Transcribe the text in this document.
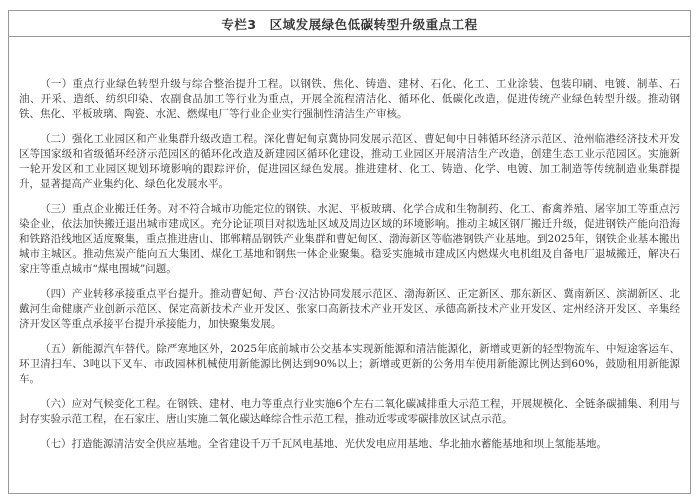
专栏3　区域发展绿色低碳转型升级重点工程

（一）重点行业绿色转型升级与综合整治提升工程。以钢铁、焦化、铸造、建材、石化、化工、工业涂装、包装印刷、电镀、制革、石油、开采、造纸、纺织印染、农副食品加工等行业为重点，开展全流程清洁化、循环化、低碳化改造，促进传统产业绿色转型升级。推动钢铁、焦化、平板玻璃、陶瓷、水泥、燃煤电厂等行业企业实行强制性清洁生产审核。

（二）强化工业园区和产业集群升级改造工程。深化曹妃甸京冀协同发展示范区、曹妃甸中日韩循环经济示范区、沧州临港经济技术开发区等国家级和省级循环经济示范园区的循环化改造及新建园区循环化建设，推动工业园区开展清洁生产改造，创建生态工业示范园区。实施新一轮开发区和工业园区规划环境影响的跟踪评价，促进园区绿色发展。推进建材、化工、铸造、化学、电镀、加工制造等传统制造业集群提升，显著提高产业集约化、绿色化发展水平。

（三）重点企业搬迁任务。对不符合城市功能定位的钢铁、水泥、平板玻璃、化学合成和生物制药、化工、畜禽养殖、屠宰加工等重点污染企业，依法加快搬迁退出城市建成区。充分论证项目对拟选址区域及周边区域的环境影响。推动主城区钢厂搬迁升级，促进钢铁产能向沿海和铁路沿线地区适度聚集，重点推进唐山、邯郸精品钢铁产业集群和曹妃甸区、渤海新区等临港钢铁产业基地。到2025年，钢铁企业基本搬出城市主城区。推动焦炭产能向五大集团、煤化工基地和钢焦一体企业聚集。稳妥实施城市建成区内燃煤火电机组及自备电厂退城搬迁，解决石家庄等重点城市“煤电围城”问题。

（四）产业转移承接重点平台提升。推动曹妃甸、芦台·汉沽协同发展示范区、渤海新区、正定新区、那东新区、冀南新区、滨湖新区、北戴河生命健康产业创新示范区、保定高新技术产业开发区、张家口高新技术产业开发区、承德高新技术产业开发区、定州经济开发区、辛集经济开发区等重点承接平台提升承接能力，加快聚集发展。

（五）新能源汽车替代。除严寒地区外，2025年底前城市公交基本实现新能源和清洁能源化，新增或更新的轻型物流车、中短途客运车、环卫清扫车、3吨以下叉车、市政园林机械使用新能源比例达到90%以上；新增或更新的公务用车使用新能源比例达到60%，鼓励租用新能源车。

（六）应对气候变化工程。在钢铁、建材、电力等重点行业实施6个左右二氧化碳减排重大示范工程，开展规模化、全链条碳捕集、利用与封存实验示范工程，在石家庄、唐山实施二氧化碳达峰综合性示范工程，推动近零或零碳排放区试点示范。

（七）打造能源清洁安全供应基地。全省建设千万千瓦风电基地、光伏发电应用基地、华北抽水蓄能基地和坝上氢能基地。
